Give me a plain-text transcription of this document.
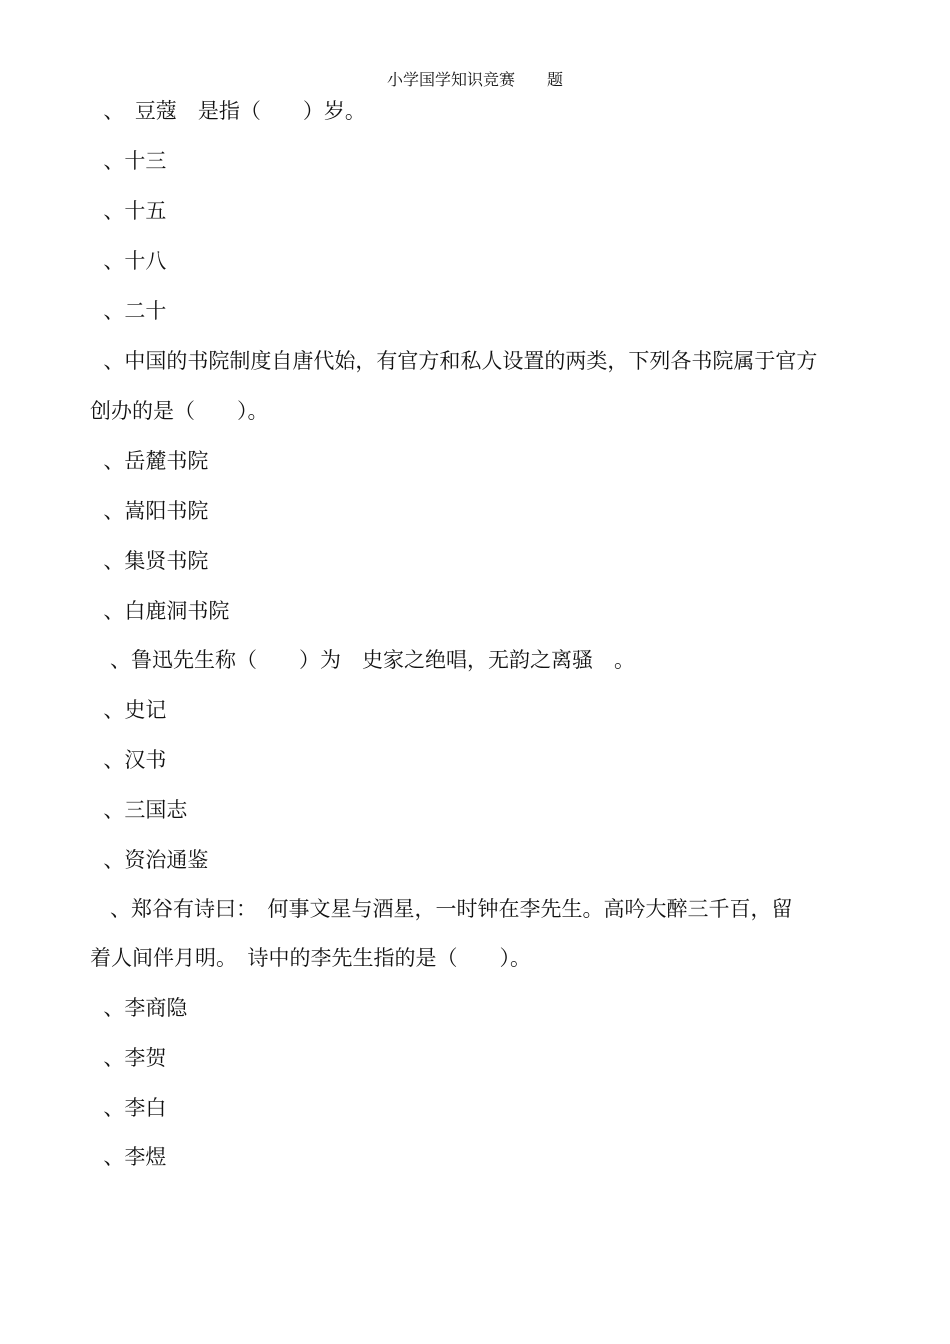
小学国学知识竞赛　　题
、　豆蔻　是指（　　）岁。
、十三
、十五
、十八
、二十
、中国的书院制度自唐代始，有官方和私人设置的两类，下列各书院属于官方
创办的是（　　）。
、岳麓书院
、嵩阳书院
、集贤书院
、白鹿洞书院
、鲁迅先生称（　　）为　史家之绝唱，无韵之离骚　。
、史记
、汉书
、三国志
、资治通鉴
、郑谷有诗曰：　何事文星与酒星，一时钟在李先生。高吟大醉三千百，留
着人间伴月明。　诗中的李先生指的是（　　）。
、李商隐
、李贺
、李白
、李煜
